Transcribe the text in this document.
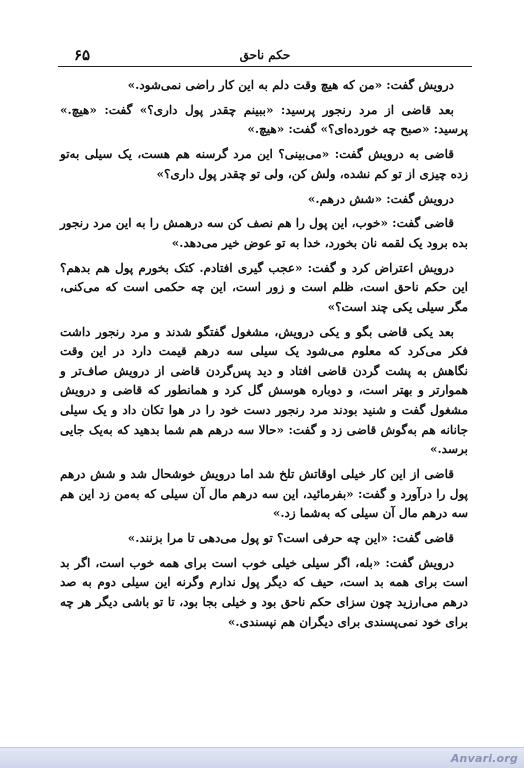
حکم ناحق
۶۵

درویش گفت: «من که هیچ وقت دلم به این کار راضی نمی‌شود.»

بعد قاضی از مرد رنجور پرسید: «ببینم چقدر پول داری؟» گفت: «هیچ.» پرسید: «صبح چه خورده‌ای؟» گفت: «هیچ.»

قاضی به درویش گفت: «می‌بینی؟ این مرد گرسنه هم هست، یک سیلی به‌تو زده چیزی از تو کم نشده، ولش کن، ولی تو چقدر پول داری؟»

درویش گفت: «شش درهم.»

قاضی گفت: «خوب، این پول را هم نصف کن سه درهمش را به این مرد رنجور بده برود یک لقمه نان بخورد، خدا به تو عوض خیر می‌دهد.»

درویش اعتراض کرد و گفت: «عجب گیری افتادم. کتک بخورم پول هم بدهم؟ این حکم ناحق است، ظلم است و زور است، این چه حکمی است که می‌کنی، مگر سیلی یکی چند است؟»

بعد یکی قاضی بگو و یکی درویش، مشغول گفتگو شدند و مرد رنجور داشت فکر می‌کرد که معلوم می‌شود یک سیلی سه درهم قیمت دارد در این وقت نگاهش به پشت گردن قاضی افتاد و دید پس‌گردن قاضی از درویش صاف‌تر و هموارتر و بهتر است، و دوباره هوسش گل کرد و همانطور که قاضی و درویش مشغول گفت و شنید بودند مرد رنجور دست خود را در هوا تکان داد و یک سیلی جانانه هم به‌گوش قاضی زد و گفت: «حالا سه درهم هم شما بدهید که به‌یک جایی برسد.»

قاضی از این کار خیلی اوقاتش تلخ شد اما درویش خوشحال شد و شش درهم پول را درآورد و گفت: «بفرمائید، این سه درهم مال آن سیلی که به‌من زد این هم سه درهم مال آن سیلی که به‌شما زد.»

قاضی گفت: «این چه حرفی است؟ تو پول می‌دهی تا مرا بزنند.»

درویش گفت: «بله، اگر سیلی خیلی خوب است برای همه خوب است، اگر بد است برای همه بد است، حیف که دیگر پول ندارم وگرنه این سیلی دوم به صد درهم می‌ارزید چون سزای حکم ناحق بود و خیلی بجا بود، تا تو باشی دیگر هر چه برای خود نمی‌پسندی برای دیگران هم نپسندی.»

Anvari.org
